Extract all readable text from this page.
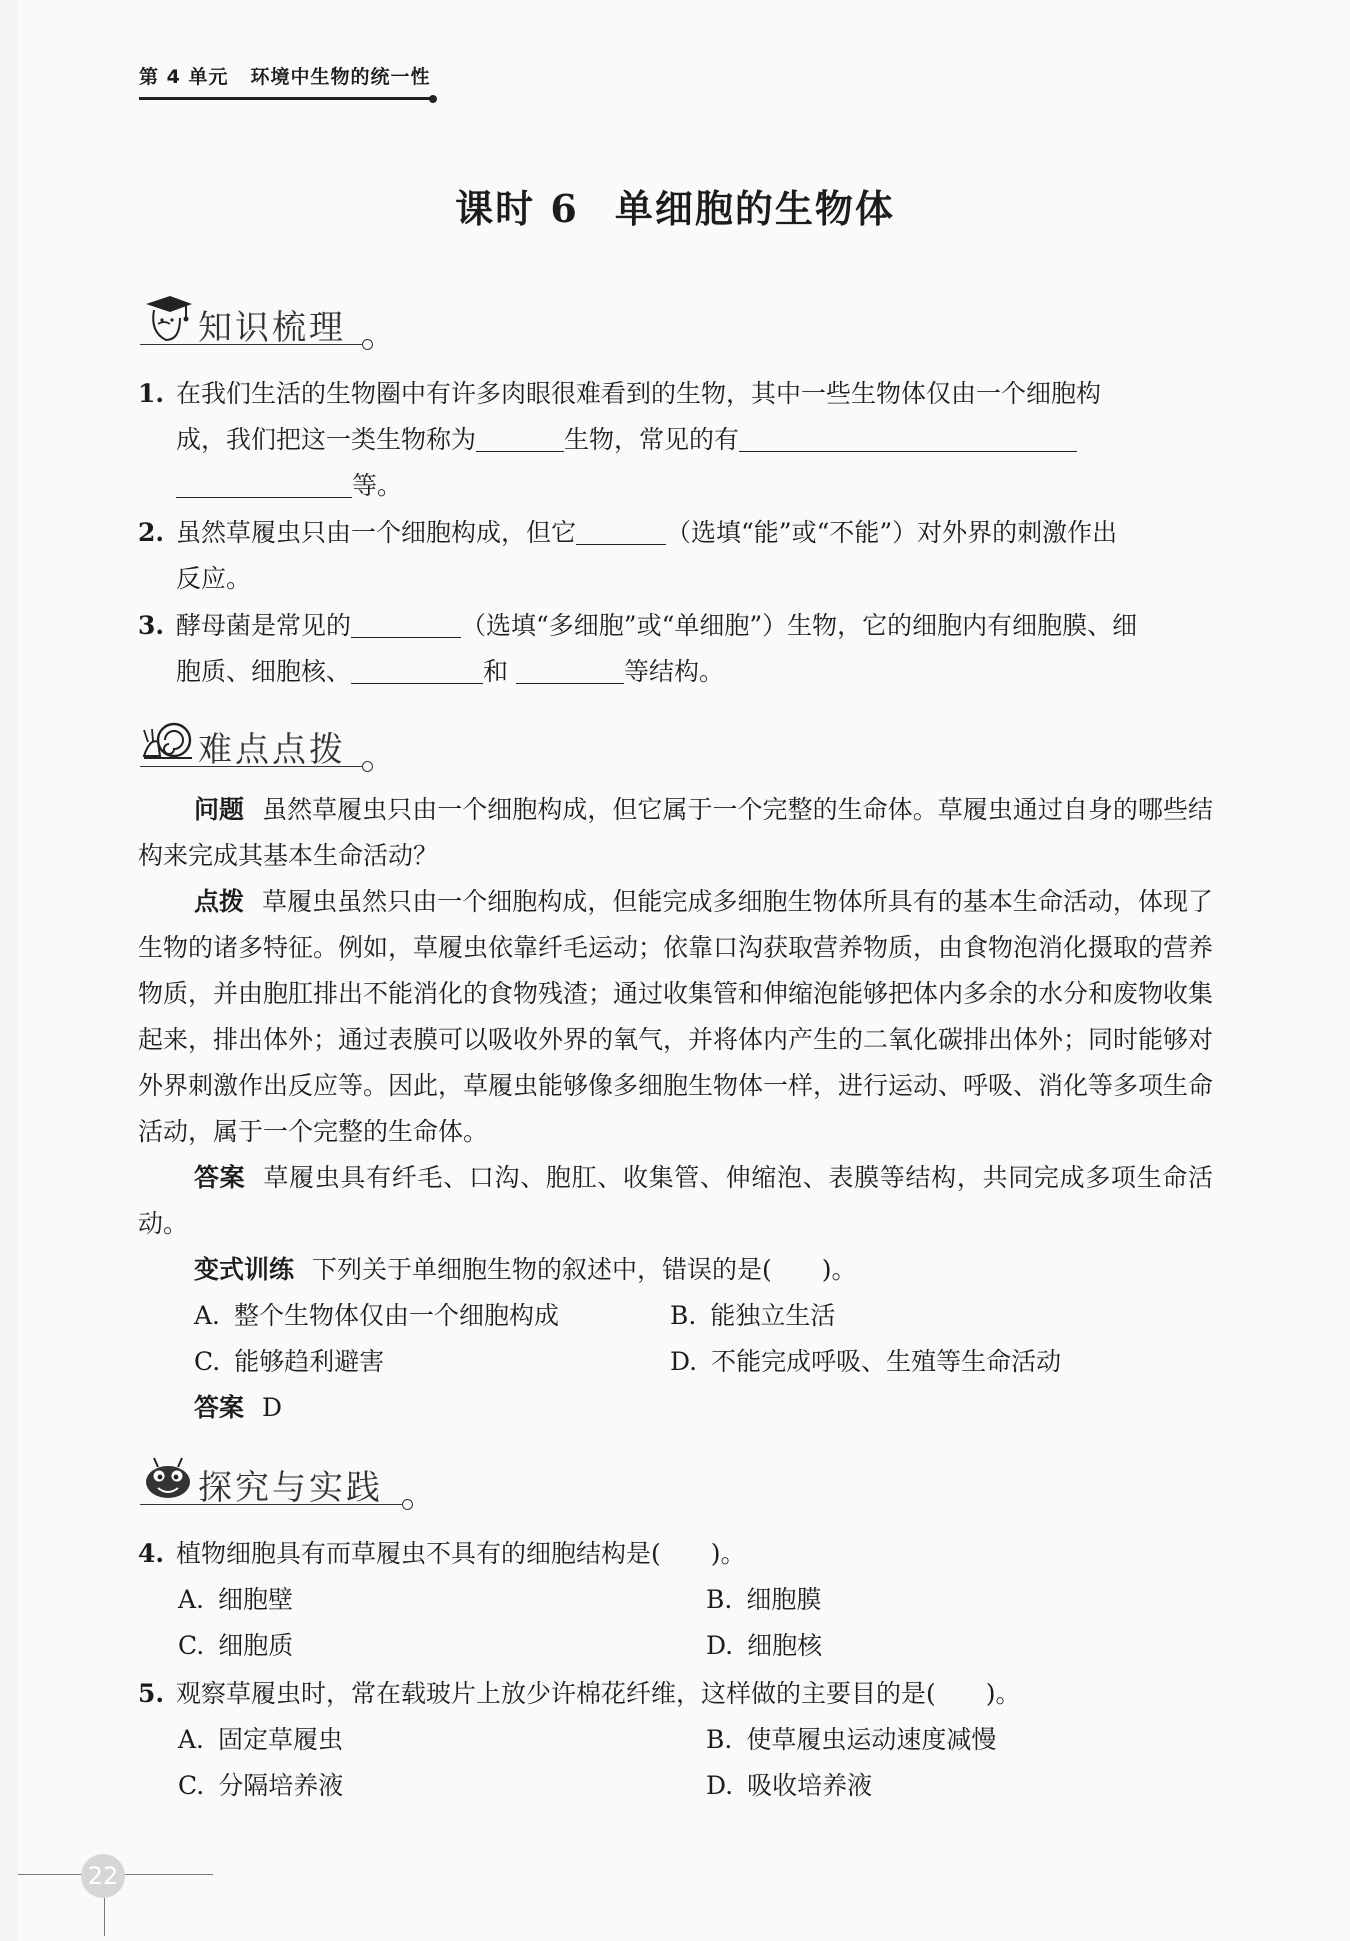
第 4 单元 环境中生物的统一性
课时 6 单细胞的生物体
知识梳理
1. 在我们生活的生物圈中有许多肉眼很难看到的生物，其中一些生物体仅由一个细胞构
成，我们把这一类生物称为	生物，常见的有
等。
2. 虽然草履虫只由一个细胞构成，但它	（选填“能”或“不能”）对外界的刺激作出
反应。
3. 酵母菌是常见的	（选填“多细胞”或“单细胞”）生物，它的细胞内有细胞膜、细
胞质、细胞核、	和	等结构。
难点点拨
问题 虽然草履虫只由一个细胞构成，但它属于一个完整的生命体。草履虫通过自身的哪些结构来完成其基本生命活动？
点拨 草履虫虽然只由一个细胞构成，但能完成多细胞生物体所具有的基本生命活动，体现了生物的诸多特征。例如，草履虫依靠纤毛运动；依靠口沟获取营养物质，由食物泡消化摄取的营养物质，并由胞肛排出不能消化的食物残渣；通过收集管和伸缩泡能够把体内多余的水分和废物收集起来，排出体外；通过表膜可以吸收外界的氧气，并将体内产生的二氧化碳排出体外；同时能够对外界刺激作出反应等。因此，草履虫能够像多细胞生物体一样，进行运动、呼吸、消化等多项生命活动，属于一个完整的生命体。
答案 草履虫具有纤毛、口沟、胞肛、收集管、伸缩泡、表膜等结构，共同完成多项生命活动。
变式训练 下列关于单细胞生物的叙述中，错误的是(　　)。
A. 整个生物体仅由一个细胞构成	B. 能独立生活
C. 能够趋利避害	D. 不能完成呼吸、生殖等生命活动
答案 D
探究与实践
4. 植物细胞具有而草履虫不具有的细胞结构是(　　)。
A. 细胞壁	B. 细胞膜
C. 细胞质	D. 细胞核
5. 观察草履虫时，常在载玻片上放少许棉花纤维，这样做的主要目的是(　　)。
A. 固定草履虫	B. 使草履虫运动速度减慢
C. 分隔培养液	D. 吸收培养液
22
